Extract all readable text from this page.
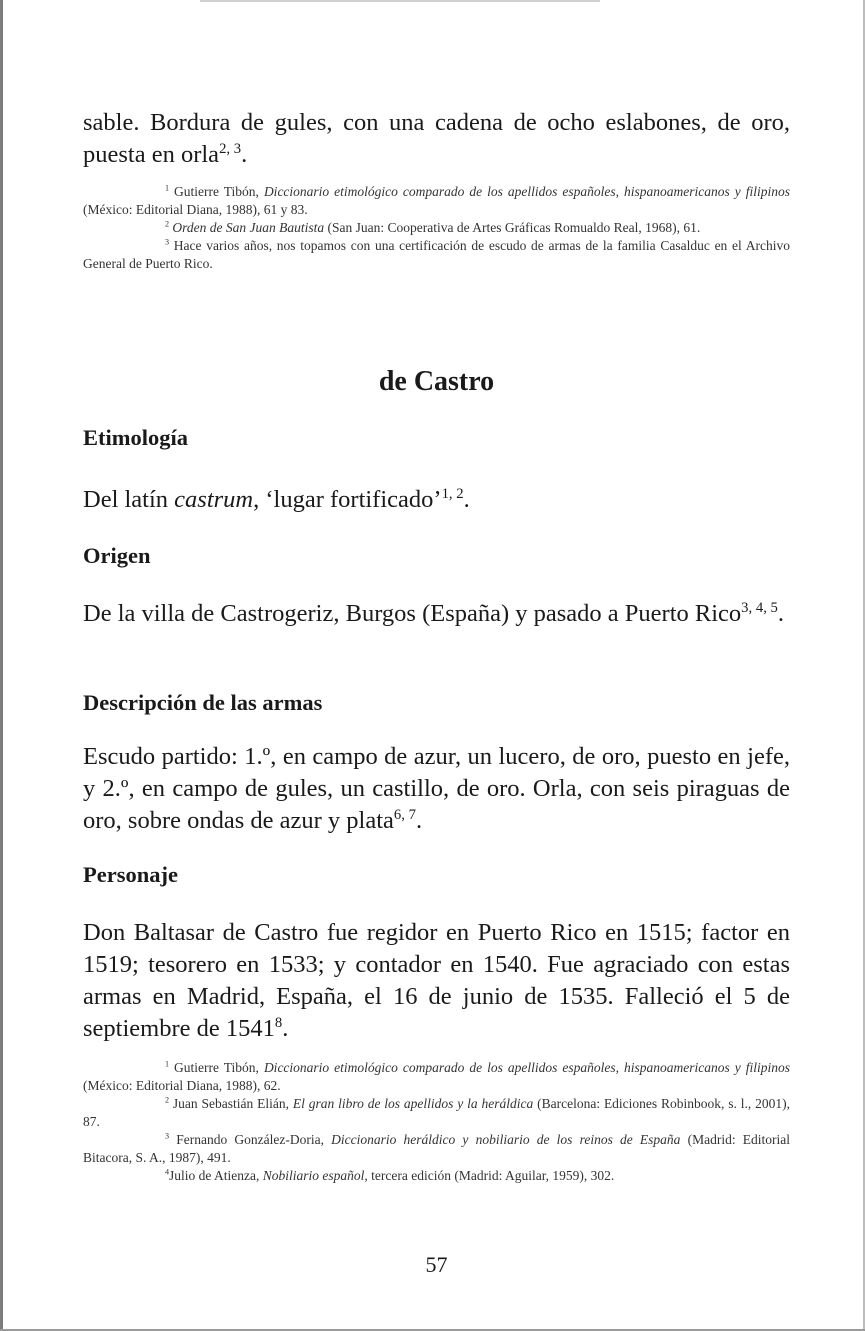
sable. Bordura de gules, con una cadena de ocho eslabones, de oro, puesta en orla$^{2, 3}$.

$^1$ Gutierre Tibón, Diccionario etimológico comparado de los apellidos españoles, hispanoamericanos y filipinos (México: Editorial Diana, 1988), 61 y 83.

$^2$ Orden de San Juan Bautista (San Juan: Cooperativa de Artes Gráficas Romualdo Real, 1968), 61.

$^3$ Hace varios años, nos topamos con una certificación de escudo de armas de la familia Casalduc en el Archivo General de Puerto Rico.

de Castro
Etimología

Del latín castrum, ‘lugar fortificado’$^{1, 2}$.

Origen

De la villa de Castrogeriz, Burgos (España) y pasado a Puerto Rico$^{3, 4, 5}$.

Descripción de las armas

Escudo partido: 1.º, en campo de azur, un lucero, de oro, puesto en jefe, y 2.º, en campo de gules, un castillo, de oro. Orla, con seis piraguas de oro, sobre ondas de azur y plata$^{6, 7}$.

Personaje

Don Baltasar de Castro fue regidor en Puerto Rico en 1515; factor en 1519; tesorero en 1533; y contador en 1540. Fue agraciado con estas armas en Madrid, España, el 16 de junio de 1535. Falleció el 5 de septiembre de 1541$^8$.

$^1$ Gutierre Tibón, Diccionario etimológico comparado de los apellidos españoles, hispanoamericanos y filipinos (México: Editorial Diana, 1988), 62.

$^2$ Juan Sebastián Elián, El gran libro de los apellidos y la heráldica (Barcelona: Ediciones Robinbook, s. l., 2001), 87.

$^3$ Fernando González-Doria, Diccionario heráldico y nobiliario de los reinos de España (Madrid: Editorial Bitacora, S. A., 1987), 491.

$^4$Julio de Atienza, Nobiliario español, tercera edición (Madrid: Aguilar, 1959), 302.

57
